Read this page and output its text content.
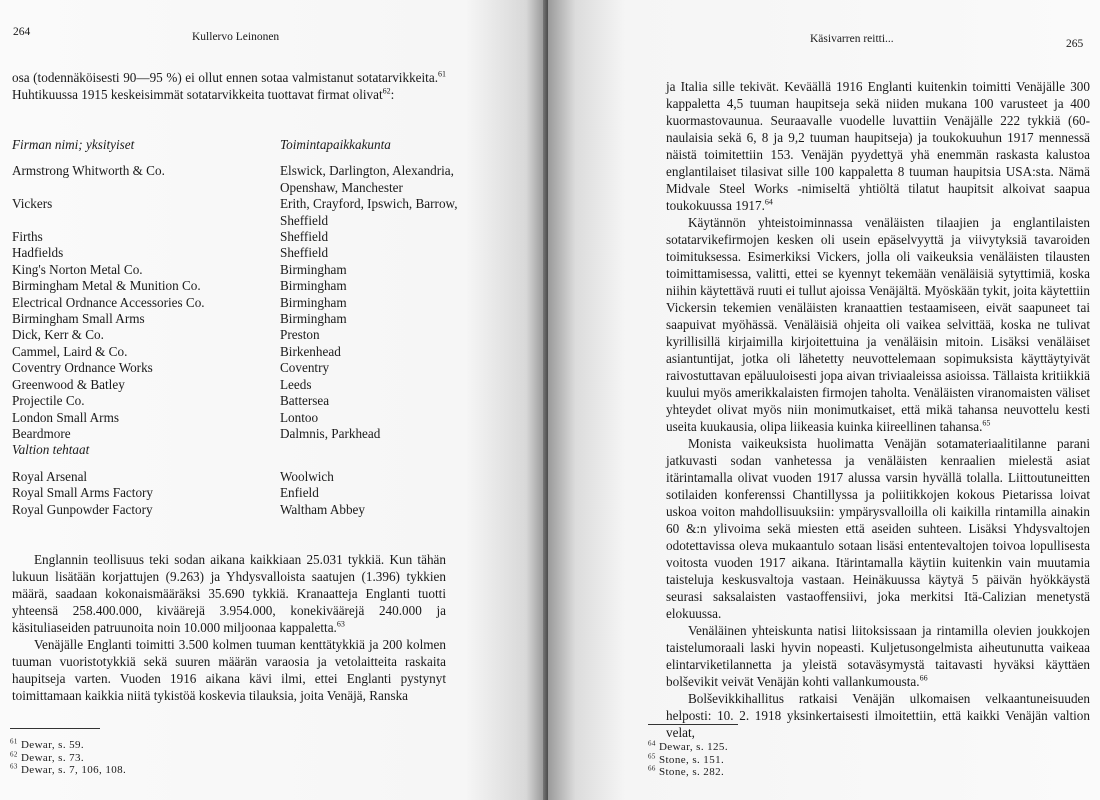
264	Kullervo Leinonen

osa (todennäköisesti 90—95 %) ei ollut ennen sotaa valmistanut sotatarvikkeita.$^{61}$ Huhtikuussa 1915 keskeisimmät sotatarvikkeita tuottavat firmat olivat$^{62}$:

Firman nimi; yksityiset	Toimintapaikkakunta

Armstrong Whitworth & Co.	Elswick, Darlington, Alexandria, Openshaw, Manchester
Vickers	Erith, Crayford, Ipswich, Barrow, Sheffield
Firths	Sheffield
Hadfields	Sheffield
King's Norton Metal Co.	Birmingham
Birmingham Metal & Munition Co.	Birmingham
Electrical Ordnance Accessories Co.	Birmingham
Birmingham Small Arms	Birmingham
Dick, Kerr & Co.	Preston
Cammel, Laird & Co.	Birkenhead
Coventry Ordnance Works	Coventry
Greenwood & Batley	Leeds
Projectile Co.	Battersea
London Small Arms	Lontoo
Beardmore	Dalmnis, Parkhead
Valtion tehtaat	

Royal Arsenal	Woolwich
Royal Small Arms Factory	Enfield
Royal Gunpowder Factory	Waltham Abbey

Englannin teollisuus teki sodan aikana kaikkiaan 25.031 tykkiä. Kun tähän lukuun lisätään korjattujen (9.263) ja Yhdysvalloista saatujen (1.396) tykkien määrä, saadaan kokonaismääräksi 35.690 tykkiä. Kranaatteja Englanti tuotti yhteensä 258.400.000, kiväärejä 3.954.000, konekiväärejä 240.000 ja käsituliaseiden patruunoita noin 10.000 miljoonaa kappaletta.$^{63}$

Venäjälle Englanti toimitti 3.500 kolmen tuuman kenttätykkiä ja 200 kolmen tuuman vuoristotykkiä sekä suuren määrän varaosia ja vetolaitteita raskaita haupitseja varten. Vuoden 1916 aikana kävi ilmi, ettei Englanti pystynyt toimittamaan kaikkia niitä tykistöä koskevia tilauksia, joita Venäjä, Ranska

$^{61}$ Dewar, s. 59.
$^{62}$ Dewar, s. 73.
$^{63}$ Dewar, s. 7, 106, 108.
Käsivarren reitti...	265

ja Italia sille tekivät. Keväällä 1916 Englanti kuitenkin toimitti Venäjälle 300 kappaletta 4,5 tuuman haupitseja sekä niiden mukana 100 varusteet ja 400 kuormastovaunua. Seuraavalle vuodelle luvattiin Venäjälle 222 tykkiä (60-naulaisia sekä 6, 8 ja 9,2 tuuman haupitseja) ja toukokuuhun 1917 mennessä näistä toimitettiin 153. Venäjän pyydettyä yhä enemmän raskasta kalustoa englantilaiset tilasivat sille 100 kappaletta 8 tuuman haupitsia USA:sta. Nämä Midvale Steel Works -nimiseltä yhtiöltä tilatut haupitsit alkoivat saapua toukokuussa 1917.64

Käytännön yhteistoiminnassa venäläisten tilaajien ja englantilaisten sotatarvikefirmojen kesken oli usein epäselvyyttä ja viivytyksiä tavaroiden toimituksessa. Esimerkiksi Vickers, jolla oli vaikeuksia venäläisten tilausten toimittamisessa, valitti, ettei se kyennyt tekemään venäläisiä sytyttimiä, koska niihin käytettävä ruuti ei tullut ajoissa Venäjältä. Myöskään tykit, joita käytettiin Vickersin tekemien venäläisten kranaattien testaamiseen, eivät saapuneet tai saapuivat myöhässä. Venäläisiä ohjeita oli vaikea selvittää, koska ne tulivat kyrillisillä kirjaimilla kirjoitettuina ja venäläisin mitoin. Lisäksi venäläiset asiantuntijat, jotka oli lähetetty neuvottelemaan sopimuksista käyttäytyivät raivostuttavan epäluuloisesti jopa aivan triviaaleissa asioissa. Tällaista kritiikkiä kuului myös amerikkalaisten firmojen taholta. Venäläisten viranomaisten väliset yhteydet olivat myös niin monimutkaiset, että mikä tahansa neuvottelu kesti useita kuukausia, olipa liikeasia kuinka kiireellinen tahansa.$^{65}$

Monista vaikeuksista huolimatta Venäjän sotamateriaalitilanne parani jatkuvasti sodan vanhetessa ja venäläisten kenraalien mielestä asiat itärintamalla olivat vuoden 1917 alussa varsin hyvällä tolalla. Liittoutuneitten sotilaiden konferenssi Chantillyssa ja poliitikkojen kokous Pietarissa loivat uskoa voiton mahdollisuuksiin: ympärysvalloilla oli kaikilla rintamilla ainakin 60 &:n ylivoima sekä miesten että aseiden suhteen. Lisäksi Yhdysvaltojen odotettavissa oleva mukaantulo sotaan lisäsi ententevaltojen toivoa lopullisesta voitosta vuoden 1917 aikana. Itärintamalla käytiin kuitenkin vain muutamia taisteluja keskusvaltoja vastaan. Heinäkuussa käytyä 5 päivän hyökkäystä seurasi saksalaisten vastaoffensiivi, joka merkitsi Itä-Calizian menetystä elokuussa.

Venäläinen yhteiskunta natisi liitoksissaan ja rintamilla olevien joukkojen taistelumoraali laski hyvin nopeasti. Kuljetusongelmista aiheutunutta vaikeaa elintarviketilannetta ja yleistä sotaväsymystä taitavasti hyväksi käyttäen bolševikit veivät Venäjän kohti vallankumousta.$^{66}$

Bolševikkihallitus ratkaisi Venäjän ulkomaisen velkaantuneisuuden helposti: 10. 2. 1918 yksinkertaisesti ilmoitettiin, että kaikki Venäjän valtion velat,

$^{64}$ Dewar, s. 125.
$^{65}$ Stone, s. 151.
$^{66}$ Stone, s. 282.
